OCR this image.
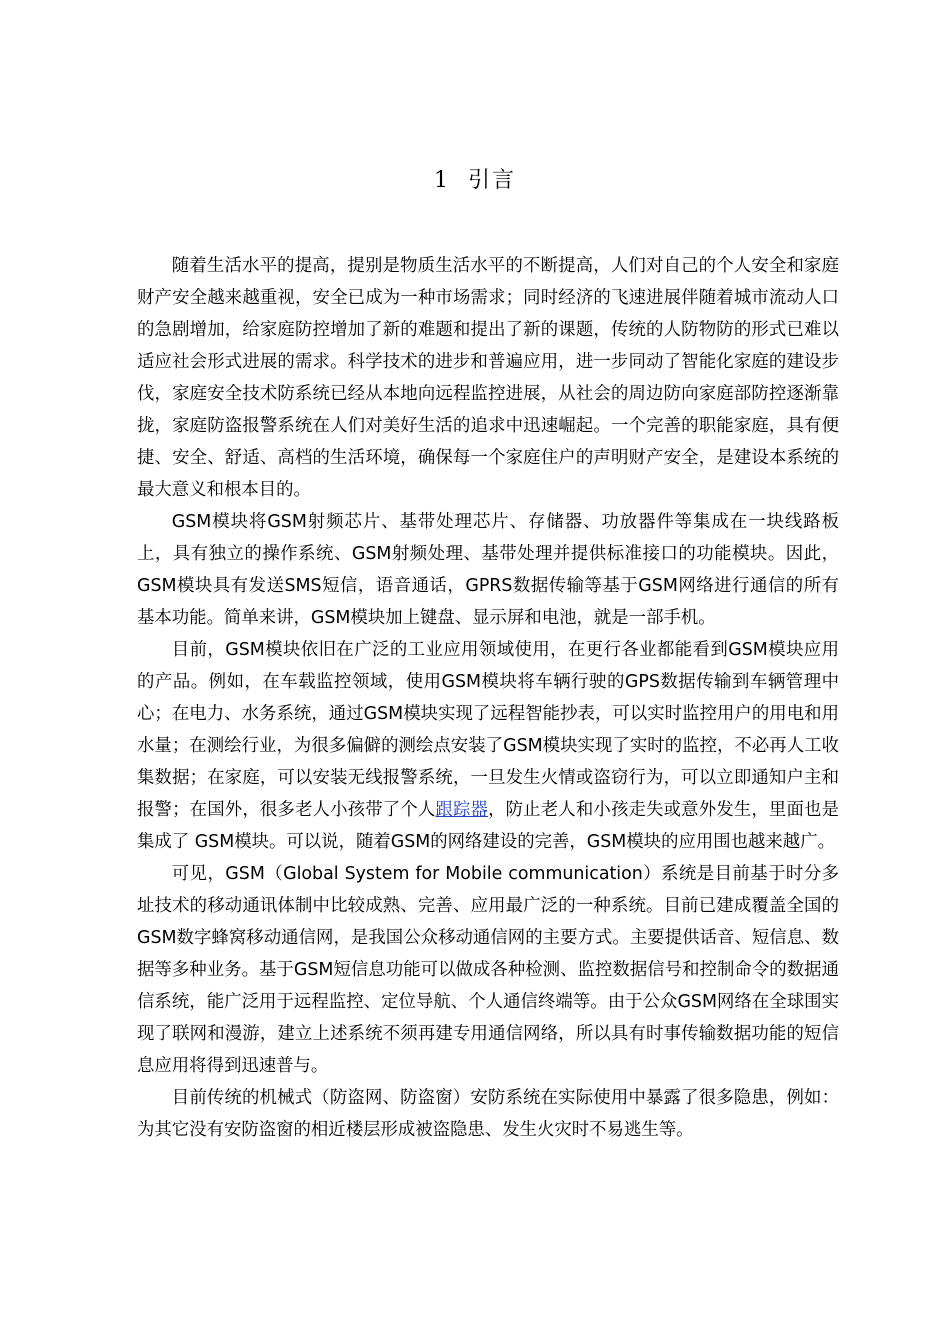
1 引言

随着生活水平的提高，提别是物质生活水平的不断提高，人们对自己的个人安全和家庭财产安全越来越重视，安全已成为一种市场需求；同时经济的飞速进展伴随着城市流动人口的急剧增加，给家庭防控增加了新的难题和提出了新的课题，传统的人防物防的形式已难以适应社会形式进展的需求。科学技术的进步和普遍应用，进一步同动了智能化家庭的建设步伐，家庭安全技术防系统已经从本地向远程监控进展，从社会的周边防向家庭部防控逐渐靠拢，家庭防盗报警系统在人们对美好生活的追求中迅速崛起。一个完善的职能家庭，具有便捷、安全、舒适、高档的生活环境，确保每一个家庭住户的声明财产安全，是建设本系统的最大意义和根本目的。

GSM模块将GSM射频芯片、基带处理芯片、存储器、功放器件等集成在一块线路板上，具有独立的操作系统、GSM射频处理、基带处理并提供标准接口的功能模块。因此，GSM模块具有发送SMS短信，语音通话，GPRS数据传输等基于GSM网络进行通信的所有基本功能。简单来讲，GSM模块加上键盘、显示屏和电池，就是一部手机。

目前，GSM模块依旧在广泛的工业应用领域使用，在更行各业都能看到GSM模块应用的产品。例如，在车载监控领域，使用GSM模块将车辆行驶的GPS数据传输到车辆管理中心；在电力、水务系统，通过GSM模块实现了远程智能抄表，可以实时监控用户的用电和用水量；在测绘行业，为很多偏僻的测绘点安装了GSM模块实现了实时的监控，不必再人工收集数据；在家庭，可以安装无线报警系统，一旦发生火情或盗窃行为，可以立即通知户主和报警；在国外，很多老人小孩带了个人跟踪器，防止老人和小孩走失或意外发生，里面也是集成了 GSM模块。可以说，随着GSM的网络建设的完善，GSM模块的应用围也越来越广。

可见，GSM（Global System for Mobile communication）系统是目前基于时分多址技术的移动通讯体制中比较成熟、完善、应用最广泛的一种系统。目前已建成覆盖全国的GSM数字蜂窝移动通信网，是我国公众移动通信网的主要方式。主要提供话音、短信息、数据等多种业务。基于GSM短信息功能可以做成各种检测、监控数据信号和控制命令的数据通信系统，能广泛用于远程监控、定位导航、个人通信终端等。由于公众GSM网络在全球围实现了联网和漫游，建立上述系统不须再建专用通信网络，所以具有时事传输数据功能的短信息应用将得到迅速普与。

目前传统的机械式（防盗网、防盗窗）安防系统在实际使用中暴露了很多隐患，例如：为其它没有安防盗窗的相近楼层形成被盗隐患、发生火灾时不易逃生等。
